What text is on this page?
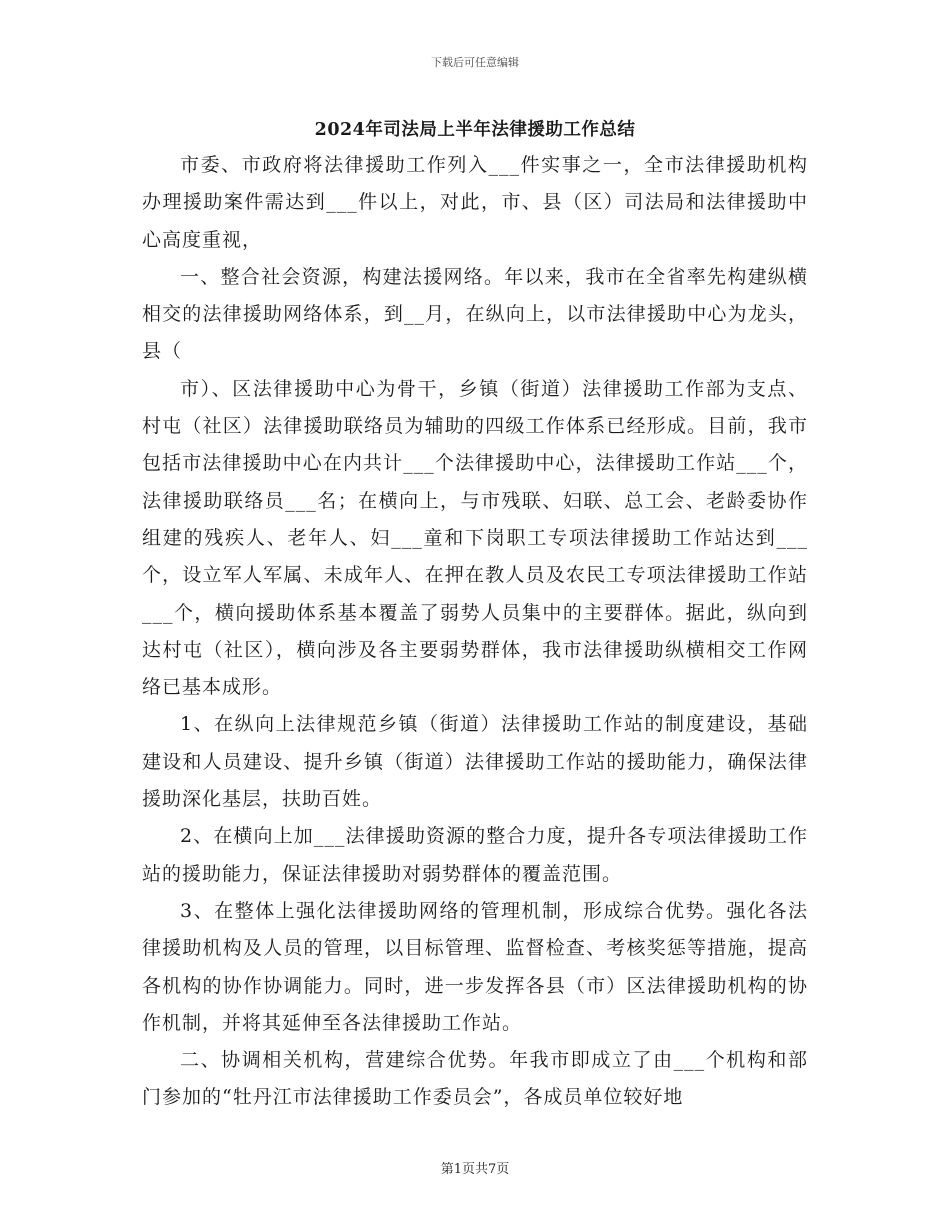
下载后可任意编辑
2024年司法局上半年法律援助工作总结

市委、市政府将法律援助工作列入___件实事之一，全市法律援助机构办理援助案件需达到___件以上，对此，市、县（区）司法局和法律援助中心高度重视，

一、整合社会资源，构建法援网络。年以来，我市在全省率先构建纵横相交的法律援助网络体系，到__月，在纵向上，以市法律援助中心为龙头，县（

市）、区法律援助中心为骨干，乡镇（街道）法律援助工作部为支点、村屯（社区）法律援助联络员为辅助的四级工作体系已经形成。目前，我市包括市法律援助中心在内共计___个法律援助中心，法律援助工作站___个，法律援助联络员___名；在横向上，与市残联、妇联、总工会、老龄委协作组建的残疾人、老年人、妇___童和下岗职工专项法律援助工作站达到___个，设立军人军属、未成年人、在押在教人员及农民工专项法律援助工作站___个，横向援助体系基本覆盖了弱势人员集中的主要群体。据此，纵向到达村屯（社区），横向涉及各主要弱势群体，我市法律援助纵横相交工作网络已基本成形。

1、在纵向上法律规范乡镇（街道）法律援助工作站的制度建设，基础建设和人员建设、提升乡镇（街道）法律援助工作站的援助能力，确保法律援助深化基层，扶助百姓。

2、在横向上加___法律援助资源的整合力度，提升各专项法律援助工作站的援助能力，保证法律援助对弱势群体的覆盖范围。

3、在整体上强化法律援助网络的管理机制，形成综合优势。强化各法律援助机构及人员的管理，以目标管理、监督检查、考核奖惩等措施，提高各机构的协作协调能力。同时，进一步发挥各县（市）区法律援助机构的协作机制，并将其延伸至各法律援助工作站。

二、协调相关机构，营建综合优势。年我市即成立了由___个机构和部门参加的“牡丹江市法律援助工作委员会”，各成员单位较好地

第1页共7页
